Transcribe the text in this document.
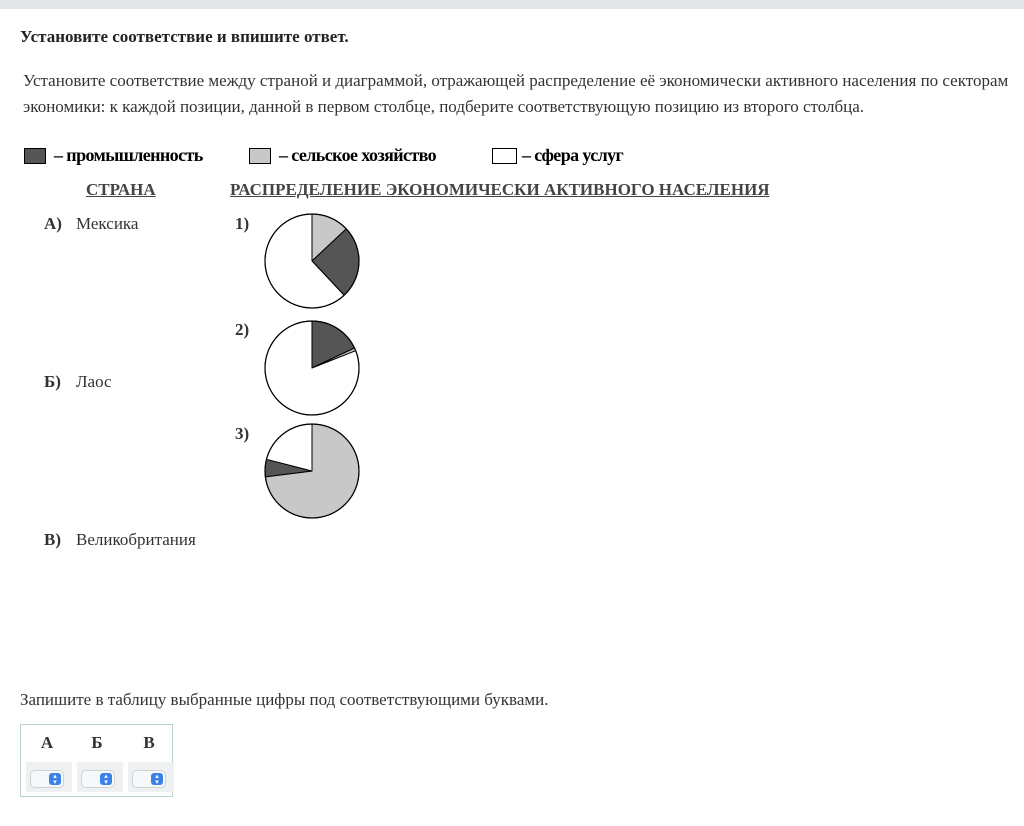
Установите соответствие и впишите ответ.
Установите соответствие между страной и диаграммой, отражающей распределение её экономически активного населения по секторам экономики: к каждой позиции, данной в первом столбце, подберите соответствующую позицию из второго столбца.
– промышленность	– сельское хозяйство	– сфера услуг
СТРАНА	РАСПРЕДЕЛЕНИЕ ЭКОНОМИЧЕСКИ АКТИВНОГО НАСЕЛЕНИЯ
А) Мексика
Б) Лаос
В) Великобритания
1)
2)
3)
Запишите в таблицу выбранные цифры под соответствующими буквами.
А Б В
▴
▾
▴
▾
▴
▾
